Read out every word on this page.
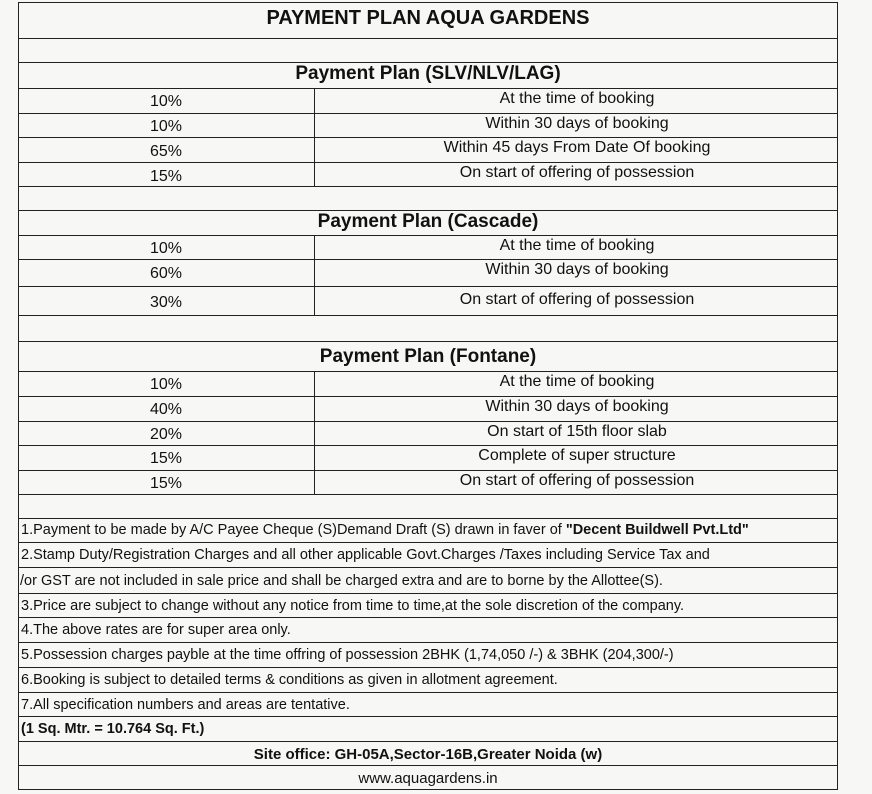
PAYMENT PLAN AQUA GARDENS
Payment Plan (SLV/NLV/LAG)
10%	At the time of booking
10%	Within 30 days of booking
65%	Within 45 days From Date Of booking
15%	On start of offering of possession
Payment Plan (Cascade)
10%	At the time of booking
60%	Within 30 days of booking
30%	On start of offering of possession
Payment Plan (Fontane)
10%	At the time of booking
40%	Within 30 days of booking
20%	On start of 15th floor slab
15%	Complete of super structure
15%	On start of offering of possession
1.Payment to be made by A/C Payee Cheque (S)Demand Draft (S) drawn in faver of "Decent Buildwell Pvt.Ltd"
2.Stamp Duty/Registration Charges and all other applicable Govt.Charges /Taxes including Service Tax and
/or GST are not included in sale price and shall be charged extra and are to borne by the Allottee(S).
3.Price are subject to change without any notice from time to time,at the sole discretion of the company.
4.The above rates are for super area only.
5.Possession charges payble at the time offring of possession 2BHK (1,74,050 /-) & 3BHK (204,300/-)
6.Booking is subject to detailed terms & conditions as given in allotment agreement.
7.All specification numbers and areas are tentative.
(1 Sq. Mtr. = 10.764 Sq. Ft.)
Site office: GH-05A,Sector-16B,Greater Noida (w)
www.aquagardens.in
